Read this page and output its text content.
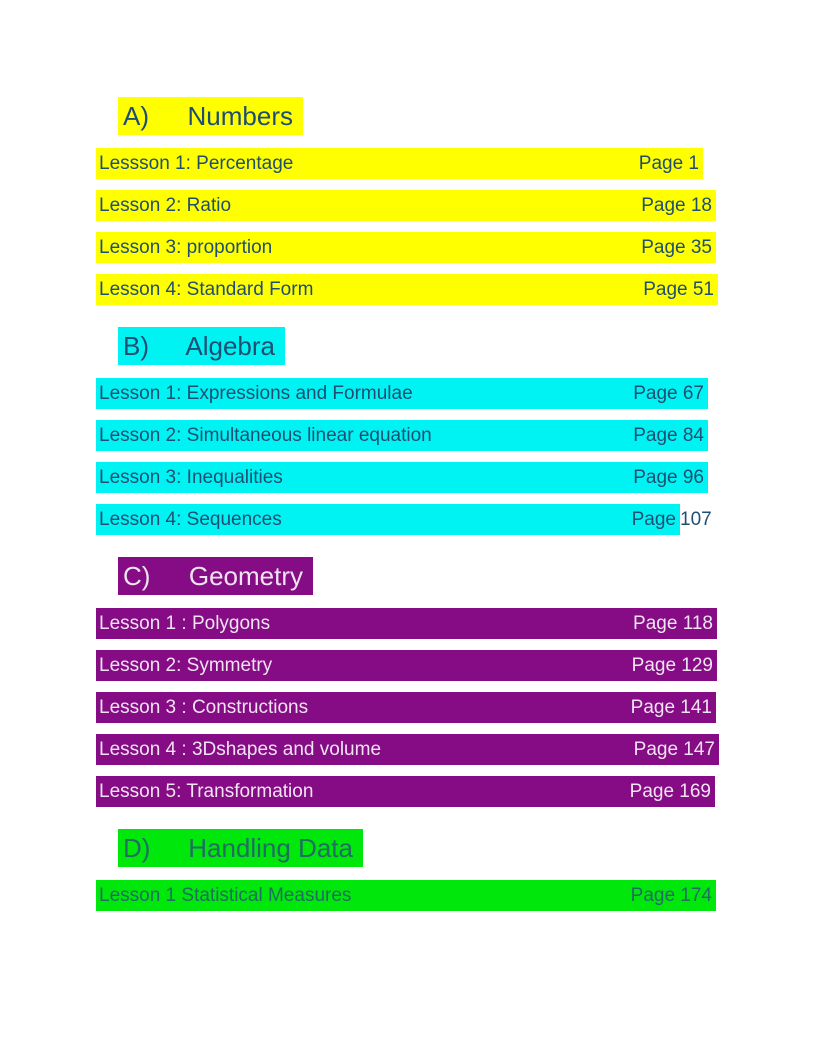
A)	Numbers
Lessson 1: Percentage	Page 1
Lesson 2: Ratio	Page 18
Lesson 3: proportion	Page 35
Lesson 4: Standard Form	Page 51
B)	Algebra
Lesson 1: Expressions and Formulae	Page 67
Lesson 2: Simultaneous linear equation	Page 84
Lesson 3: Inequalities	Page 96
Lesson 4: Sequences	Page 107
C)	Geometry
Lesson 1 : Polygons	Page 118
Lesson 2: Symmetry	Page 129
Lesson 3 : Constructions	Page 141
Lesson 4 : 3Dshapes and volume	Page 147
Lesson 5: Transformation	Page 169
D)	Handling Data
Lesson 1 Statistical Measures	Page 174
